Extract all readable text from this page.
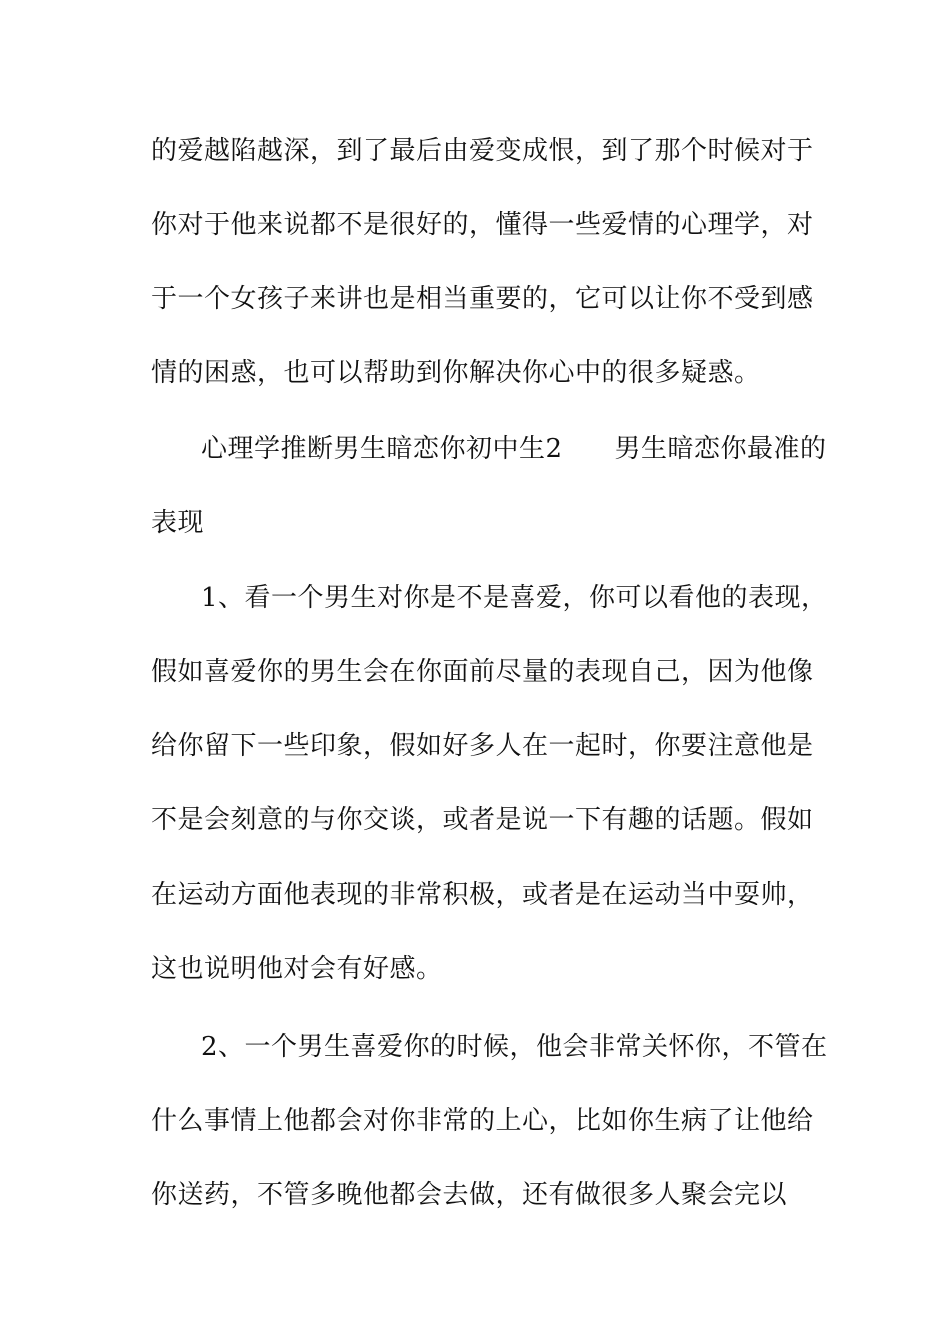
的爱越陷越深，到了最后由爱变成恨，到了那个时候对于
你对于他来说都不是很好的，懂得一些爱情的心理学，对
于一个女孩子来讲也是相当重要的，它可以让你不受到感
情的困惑，也可以帮助到你解决你心中的很多疑惑。
心理学推断男生暗恋你初中生2 男生暗恋你最准的
表现
1、看一个男生对你是不是喜爱，你可以看他的表现，
假如喜爱你的男生会在你面前尽量的表现自己，因为他像
给你留下一些印象，假如好多人在一起时，你要注意他是
不是会刻意的与你交谈，或者是说一下有趣的话题。假如
在运动方面他表现的非常积极，或者是在运动当中耍帅，
这也说明他对会有好感。
2、一个男生喜爱你的时候，他会非常关怀你，不管在
什么事情上他都会对你非常的上心，比如你生病了让他给
你送药，不管多晚他都会去做，还有做很多人聚会完以
